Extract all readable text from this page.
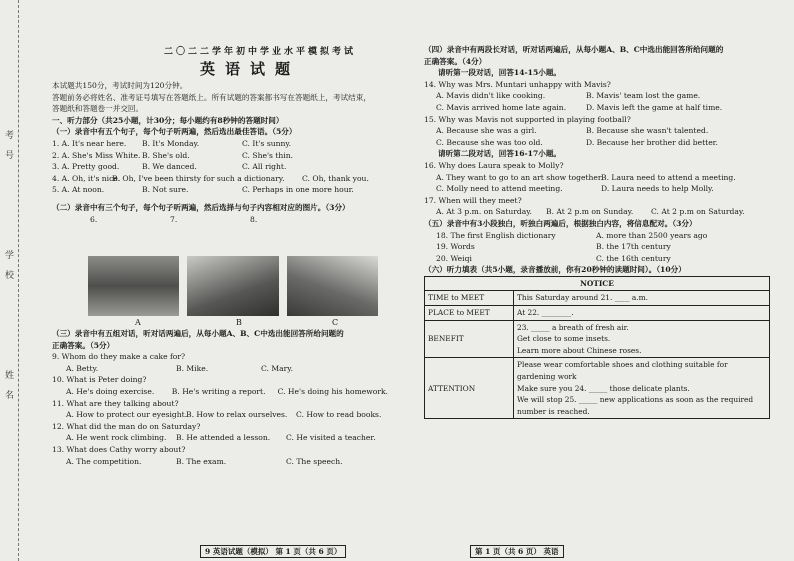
考
号
学
校
姓
名
二〇二二学年初中学业水平模拟考试
英语试题
本试题共150分，考试时间为120分钟。
答题前务必将姓名、准考证号填写在答题纸上。所有试题的答案都书写在答题纸上，考试结束，
答题纸和答题卷一并交回。
一、听力部分（共25小题，计30分；每小题约有8秒钟的答题时间）
（一）录音中有五个句子，每个句子听两遍，然后选出最佳答语。（5分）
1. A. It's near here.	B. It's Monday.	C. It's sunny.
2. A. She's Miss White. B. She's old.	C. She's thin.
3. A. Pretty good.	B. We danced.	C. All right.
4. A. Oh, it's nice.
B. Oh, I've been thirsty for such a dictionary.	C. Oh, thank you.
5. A. At noon.	B. Not sure.	C. Perhaps in one more hour.
（二）录音中有三个句子，每个句子听两遍，然后选择与句子内容相对应的图片。（3分）
6.	7.	8.
A	B	C
（三）录音中有五组对话，听对话两遍后，从每小题A、B、C中选出能回答所给问题的
正确答案。（5分）
9. Whom do they make a cake for?
A. Betty.	B. Mike.	C. Mary.
10. What is Peter doing?
A. He's doing exercise.	B. He's writing a report.	C. He's doing his homework.
11. What are they talking about?
A. How to protect our eyesight.
B. How to relax ourselves.	C. How to read books.
12. What did the man do on Saturday?
A. He went rock climbing.	B. He attended a lesson.	C. He visited a teacher.
13. What does Cathy worry about?
A. The competition.	B. The exam.	C. The speech.
9 英语试题（模拟） 第 1 页（共 6 页）
（四）录音中有两段长对话，听对话两遍后，从每小题A、B、C中选出能回答所给问题的
正确答案。（4分）
请听第一段对话，回答14-15小题。
14. Why was Mrs. Muntari unhappy with Mavis?
A. Mavis didn't like cooking.	B. Mavis' team lost the game.
C. Mavis arrived home late again.	D. Mavis left the game at half time.
15. Why was Mavis not supported in playing football?
A. Because she was a girl.	B. Because she wasn't talented.
C. Because she was too old.	D. Because her brother did better.
请听第二段对话，回答16-17小题。
16. Why does Laura speak to Molly?
A. They want to go to an art show together.
B. Laura need to attend a meeting.
C. Molly need to attend meeting.	D. Laura needs to help Molly.
17. When will they meet?
A. At 3 p.m. on Saturday.	B. At 2 p.m on Sunday.	C. At 2 p.m on Saturday.
（五）录音中有3小段独白，听独白两遍后，根据独白内容，将信息配对。（3分）
18. The first English dictionary	A. more than 2500 years ago
19. Words	B. the 17th century
20. Weiqi	C. the 16th century
（六）听力填表（共5小题，录音播放前，你有20秒钟的读题时间）。（10分）
NOTICE	
TIME to MEET	This Saturday around 21. ____ a.m.
PLACE to MEET	At 22. ________.
BENEFIT	23. _____ a breath of fresh air.
Get close to some insets.
Learn more about Chinese roses.

ATTENTION	Please wear comfortable shoes and clothing suitable for gardening work
Make sure you 24. _____ those delicate plants.
We will stop 25. _____ new applications as soon as the required
number is reached.
第 1 页（共 6 页） 英语
